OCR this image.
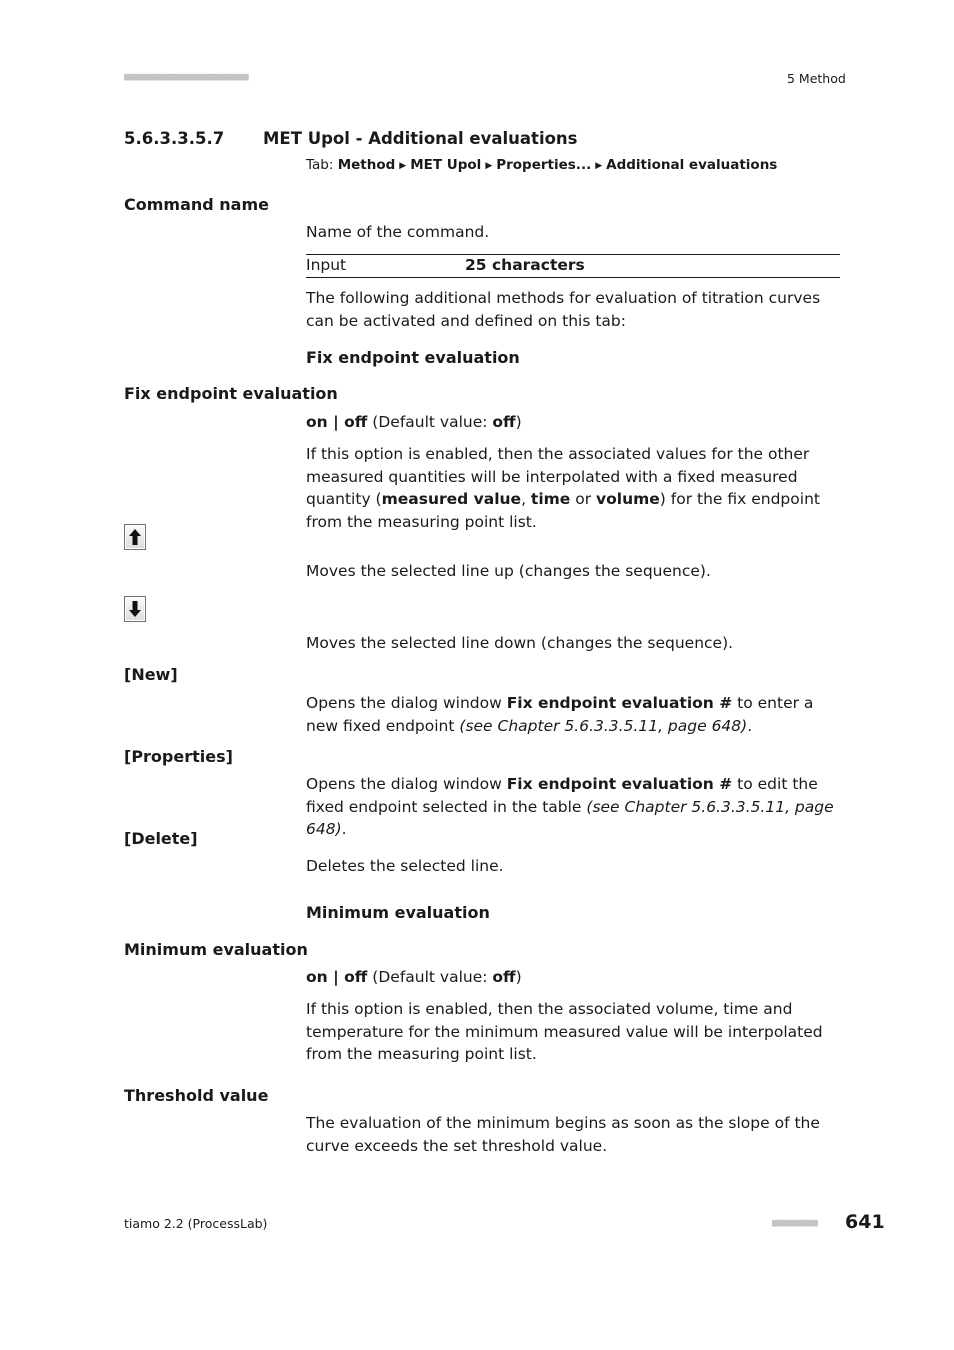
■■■■■■■■■■■■■■■■■■■■■■	5 Method
5.6.3.3.5.7 MET Upol - Additional evaluations
Tab: Method ▶ MET Upol ▶ Properties... ▶ Additional evaluations
Command name
Name of the command.
Input	25 characters
The following additional methods for evaluation of titration curves can be activated and defined on this tab:
Fix endpoint evaluation
Fix endpoint evaluation
on | off (Default value: off)
If this option is enabled, then the associated values for the other measured quantities will be interpolated with a fixed measured quantity (measured value, time or volume) for the fix endpoint from the measuring point list.
Moves the selected line up (changes the sequence).
Moves the selected line down (changes the sequence).
[New]
Opens the dialog window Fix endpoint evaluation # to enter a new fixed endpoint (see Chapter 5.6.3.3.5.11, page 648).
[Properties]
Opens the dialog window Fix endpoint evaluation # to edit the fixed endpoint selected in the table (see Chapter 5.6.3.3.5.11, page 648).
[Delete]
Deletes the selected line.
Minimum evaluation
Minimum evaluation
on | off (Default value: off)
If this option is enabled, then the associated volume, time and temperature for the minimum measured value will be interpolated from the measuring point list.
Threshold value
The evaluation of the minimum begins as soon as the slope of the curve exceeds the set threshold value.
tiamo 2.2 (ProcessLab)	■■■■■■■■ 641
